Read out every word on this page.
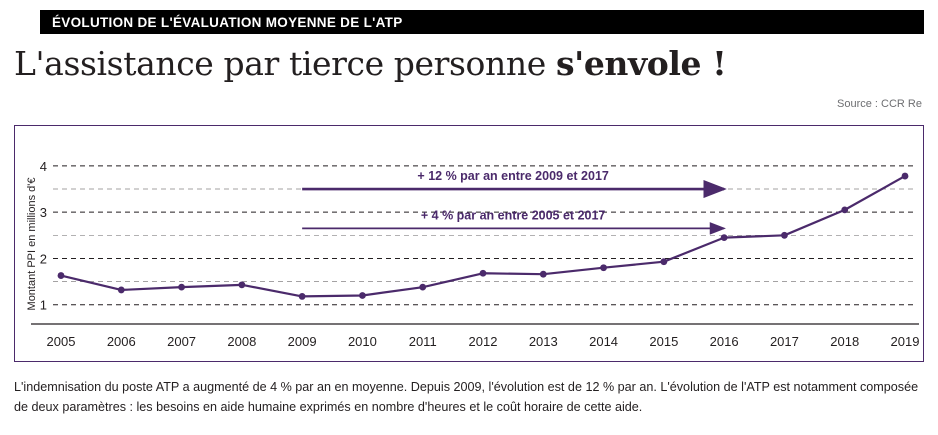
ÉVOLUTION DE L'ÉVALUATION MOYENNE DE L'ATP
L'assistance par tierce personne s'envole !
Source : CCR Re
1
2
3
4
2005 2006 2007 2008 2009 2010 2011 2012 2013 2014 2015 2016 2017 2018 2019
+ 12 % par an entre 2009 et 2017
+ 4 % par an entre 2005 et 2017
Montant PPI en millions d'€
L'indemnisation du poste ATP a augmenté de 4 % par an en moyenne. Depuis 2009, l'évolution est de 12 % par an. L'évolution de l'ATP est notamment composée de deux paramètres : les besoins en aide humaine exprimés en nombre d'heures et le coût horaire de cette aide.
